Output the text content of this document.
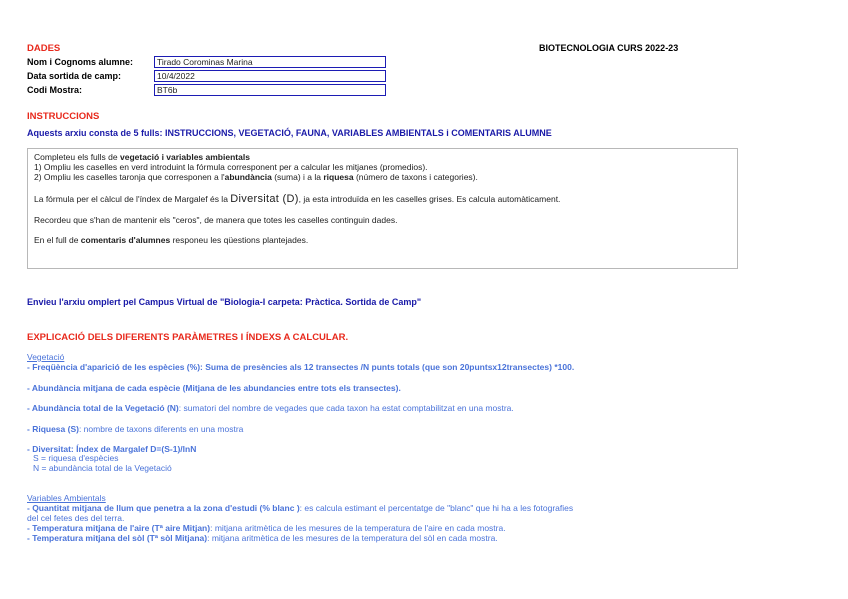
DADES	BIOTECNOLOGIA CURS 2022-23
Nom i Cognoms alumne:	Tirado Corominas Marina
Data sortida de camp:	10/4/2022
Codi Mostra:	BT6b
INSTRUCCIONS
Aquests arxiu consta de 5 fulls: INSTRUCCIONS, VEGETACIÓ, FAUNA, VARIABLES AMBIENTALS i COMENTARIS ALUMNE
Completeu els fulls de vegetació i variables ambientals
1) Ompliu les caselles en verd introduint la fórmula corresponent per a calcular les mitjanes (promedios).
2) Ompliu les caselles taronja que corresponen a l'abundància (suma) i a la riquesa (número de taxons i categories).
La fórmula per el càlcul de l'índex de Margalef és la Diversitat (D), ja esta introduïda en les caselles grises. Es calcula automàticament.
Recordeu que s'han de mantenir els "ceros", de manera que totes les caselles continguin dades.
En el full de comentaris d'alumnes responeu les qüestions plantejades.
Envieu l'arxiu omplert pel Campus Virtual de "Biologia-I carpeta: Pràctica. Sortida de Camp"
EXPLICACIÓ DELS DIFERENTS PARÀMETRES I ÍNDEXS A CALCULAR.
Vegetació
- Freqüència d'aparició de les espècies (%): Suma de presències als 12 transectes /N punts totals (que son 20puntsx12transectes) *100.
- Abundància mitjana de cada espècie (Mitjana de les abundancies entre tots els transectes).
- Abundància total de la Vegetació (N): sumatori del nombre de vegades que cada taxon ha estat comptabilitzat en una mostra.
- Riquesa (S): nombre de taxons diferents en una mostra
- Diversitat: Índex de Margalef D=(S-1)/lnN
S = riquesa d'espècies
N = abundància total de la Vegetació
Variables Ambientals
- Quantitat mitjana de llum que penetra a la zona d'estudi (% blanc ): es calcula estimant el percentatge de "blanc" que hi ha a les fotografies
del cel fetes des del terra.
- Temperatura mitjana de l'aire (Tª aire Mitjan): mitjana aritmètica de les mesures de la temperatura de l'aire en cada mostra.
- Temperatura mitjana del sòl (Tª sòl Mitjana): mitjana aritmètica de les mesures de la temperatura del sòl en cada mostra.
